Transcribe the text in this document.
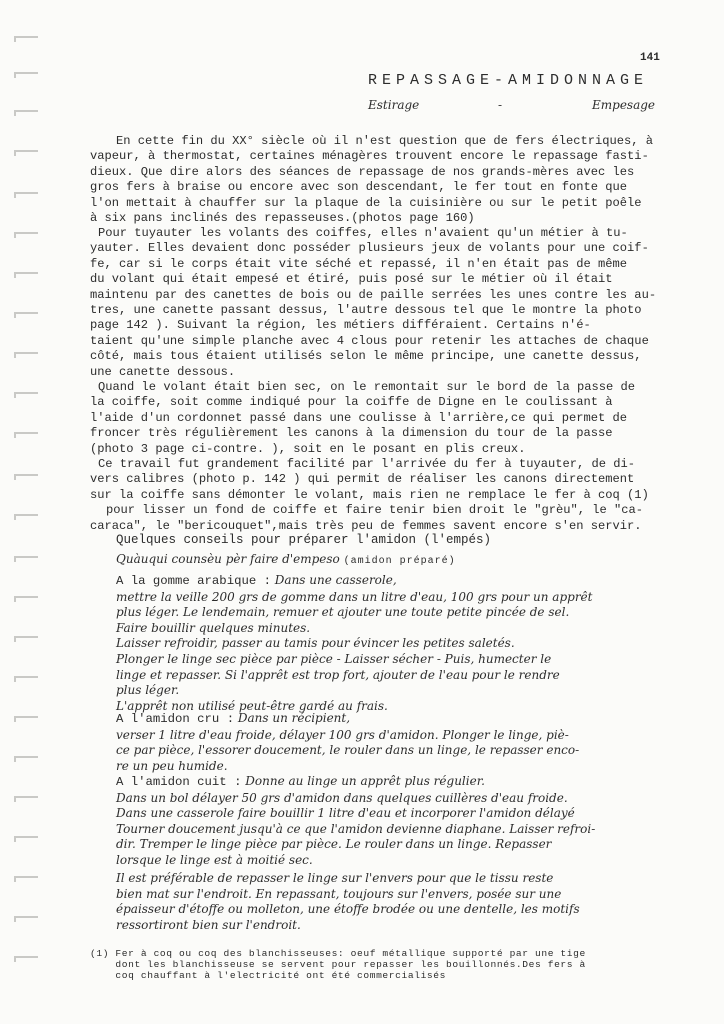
141
REPASSAGE-AMIDONNAGE
Estirage	-	Empesage
En cette fin du XX° siècle où il n'est question que de fers électriques, à
vapeur, à thermostat, certaines ménagères trouvent encore le repassage fasti-
dieux. Que dire alors des séances de repassage de nos grands-mères avec les
gros fers à braise ou encore avec son descendant, le fer tout en fonte que
l'on mettait à chauffer sur la plaque de la cuisinière ou sur le petit poêle
à six pans inclinés des repasseuses.(photos page 160)
Pour tuyauter les volants des coiffes, elles n'avaient qu'un métier à tu-
yauter. Elles devaient donc posséder plusieurs jeux de volants pour une coif-
fe, car si le corps était vite séché et repassé, il n'en était pas de même
du volant qui était empesé et étiré, puis posé sur le métier où il était
maintenu par des canettes de bois ou de paille serrées les unes contre les au-
tres, une canette passant dessus, l'autre dessous tel que le montre la photo
page 142 ). Suivant la région, les métiers différaient. Certains n'é-
taient qu'une simple planche avec 4 clous pour retenir les attaches de chaque
côté, mais tous étaient utilisés selon le même principe, une canette dessus,
une canette dessous.
Quand le volant était bien sec, on le remontait sur le bord de la passe de
la coiffe, soit comme indiqué pour la coiffe de Digne en le coulissant à
l'aide d'un cordonnet passé dans une coulisse à l'arrière,ce qui permet de
froncer très régulièrement les canons à la dimension du tour de la passe
(photo 3 page ci-contre. ), soit en le posant en plis creux.
Ce travail fut grandement facilité par l'arrivée du fer à tuyauter, de di-
vers calibres (photo p. 142 ) qui permit de réaliser les canons directement
sur la coiffe sans démonter le volant, mais rien ne remplace le fer à coq (1)
pour lisser un fond de coiffe et faire tenir bien droit le "grèu", le "ca-
caraca", le "bericouquet",mais très peu de femmes savent encore s'en servir.
Quelques conseils pour préparer l'amidon (l'empés)
Quàuqui counsèu pèr faire d'empeso (amidon préparé)
A la gomme arabique : Dans une casserole,
mettre la veille 200 grs de gomme dans un litre d'eau, 100 grs pour un apprêt
plus léger. Le lendemain, remuer et ajouter une toute petite pincée de sel.
Faire bouillir quelques minutes.
Laisser refroidir, passer au tamis pour évincer les petites saletés.
Plonger le linge sec pièce par pièce - Laisser sécher - Puis, humecter le
linge et repasser. Si l'apprêt est trop fort, ajouter de l'eau pour le rendre
plus léger.
L'apprêt non utilisé peut-être gardé au frais.
A l'amidon cru : Dans un récipient,
verser 1 litre d'eau froide, délayer 100 grs d'amidon. Plonger le linge, piè-
ce par pièce, l'essorer doucement, le rouler dans un linge, le repasser enco-
re un peu humide.
A l'amidon cuit : Donne au linge un apprêt plus régulier.
Dans un bol délayer 50 grs d'amidon dans quelques cuillères d'eau froide.
Dans une casserole faire bouillir 1 litre d'eau et incorporer l'amidon délayé
Tourner doucement jusqu'à ce que l'amidon devienne diaphane. Laisser refroi-
dir. Tremper le linge pièce par pièce. Le rouler dans un linge. Repasser
lorsque le linge est à moitié sec.
Il est préférable de repasser le linge sur l'envers pour que le tissu reste
bien mat sur l'endroit. En repassant, toujours sur l'envers, posée sur une
épaisseur d'étoffe ou molleton, une étoffe brodée ou une dentelle, les motifs
ressortiront bien sur l'endroit.
(1) Fer à coq ou coq des blanchisseuses: oeuf métallique supporté par une tige
dont les blanchisseuse se servent pour repasser les bouillonnés.Des fers à
coq chauffant à l'electricité ont été commercialisés
